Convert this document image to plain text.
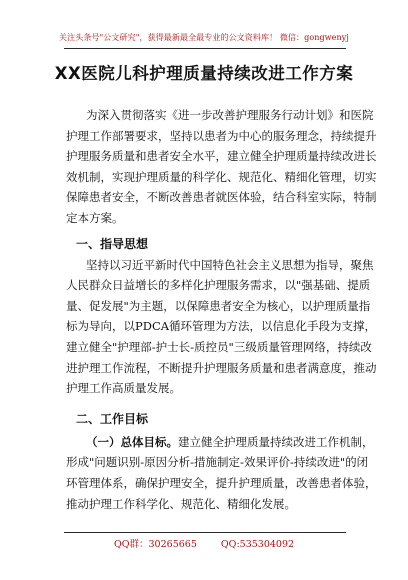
关注头条号"公文研究"，获得最新最全最专业的公文资料库！ 微信：gongwenyj
XX医院儿科护理质量持续改进工作方案
为深入贯彻落实《进一步改善护理服务行动计划》和医院
护理工作部署要求，坚持以患者为中心的服务理念，持续提升
护理服务质量和患者安全水平，建立健全护理质量持续改进长
效机制，实现护理质量的科学化、规范化、精细化管理，切实
保障患者安全，不断改善患者就医体验，结合科室实际，特制
定本方案。
一、指导思想
坚持以习近平新时代中国特色社会主义思想为指导，聚焦
人民群众日益增长的多样化护理服务需求，以"强基础、提质
量、促发展"为主题，以保障患者安全为核心，以护理质量指
标为导向，以PDCA循环管理为方法，以信息化手段为支撑，
建立健全"护理部-护士长-质控员"三级质量管理网络，持续改
进护理工作流程，不断提升护理服务质量和患者满意度，推动
护理工作高质量发展。
二、工作目标
（一）总体目标。建立健全护理质量持续改进工作机制，
形成"问题识别-原因分析-措施制定-效果评价-持续改进"的闭
环管理体系，确保护理安全，提升护理质量，改善患者体验，
推动护理工作科学化、规范化、精细化发展。
QQ群：30265665	QQ:535304092
